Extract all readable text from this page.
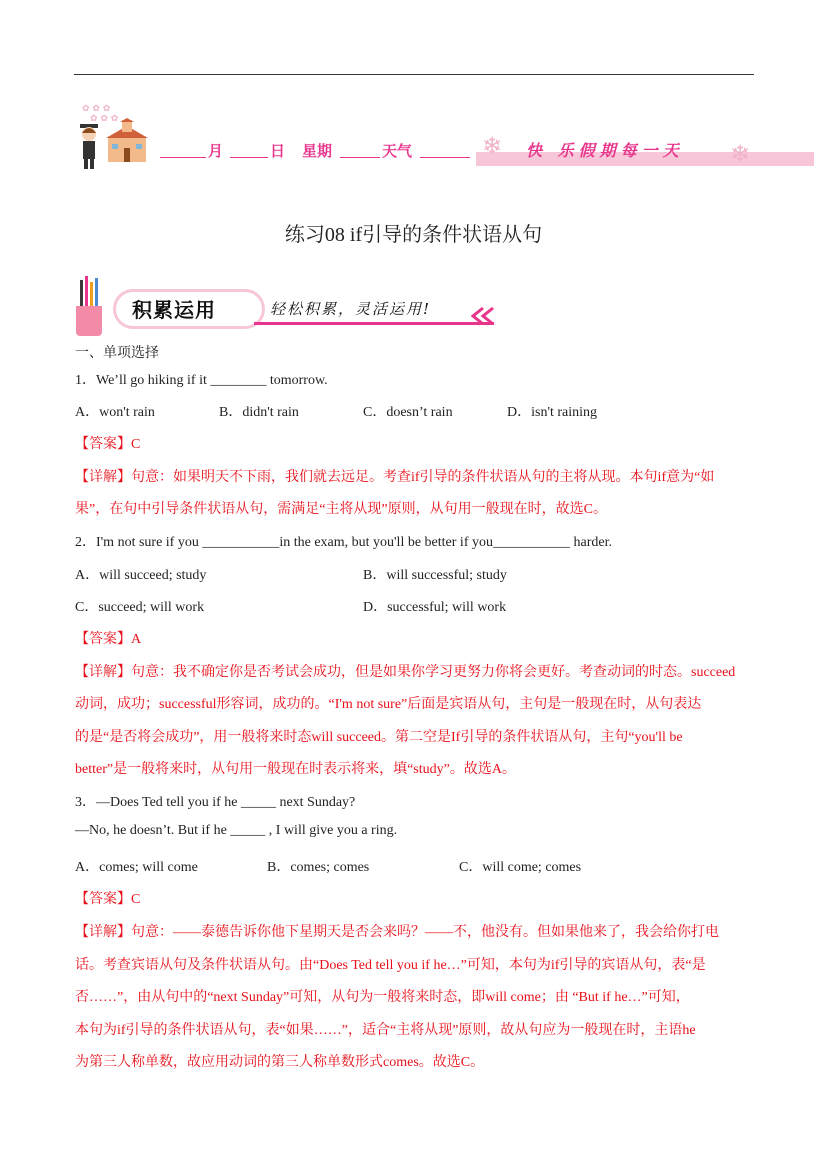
✿ ✿ ✿
✿ ✿ ✿
月	日 星期	天气	❄ 快 乐假期每一天 ❄
练习08 if引导的条件状语从句
积累运用	轻松积累，灵活运用!
一、单项选择
1．We’ll go hiking if it ________ tomorrow.
A．won't rain	B．didn't rain	C．doesn’t rain	D．isn't raining
【答案】C
【详解】句意：如果明天不下雨，我们就去远足。考查if引导的条件状语从句的主将从现。本句if意为“如
果”，在句中引导条件状语从句，需满足“主将从现”原则，从句用一般现在时，故选C。
2．I'm not sure if you ___________in the exam, but you'll be better if you___________ harder.
A．will succeed; study	B．will successful; study
C．succeed; will work	D．successful; will work
【答案】A
【详解】句意：我不确定你是否考试会成功，但是如果你学习更努力你将会更好。考查动词的时态。succeed
动词，成功；successful形容词，成功的。“I'm not sure”后面是宾语从句，主句是一般现在时，从句表达
的是“是否将会成功”，用一般将来时态will succeed。第二空是If引导的条件状语从句，主句“you'll be
better”是一般将来时，从句用一般现在时表示将来，填“study”。故选A。
3．—Does Ted tell you if he _____ next Sunday?
—No, he doesn’t. But if he _____ , I will give you a ring.
A．comes; will come	B．comes; comes	C．will come; comes
【答案】C
【详解】句意：——泰德告诉你他下星期天是否会来吗？——不，他没有。但如果他来了，我会给你打电
话。考查宾语从句及条件状语从句。由“Does Ted tell you if he…”可知，本句为if引导的宾语从句，表“是
否……”，由从句中的“next Sunday”可知，从句为一般将来时态，即will come；由 “But if he…”可知，
本句为if引导的条件状语从句，表“如果……”，适合“主将从现”原则，故从句应为一般现在时，主语he
为第三人称单数，故应用动词的第三人称单数形式comes。故选C。
